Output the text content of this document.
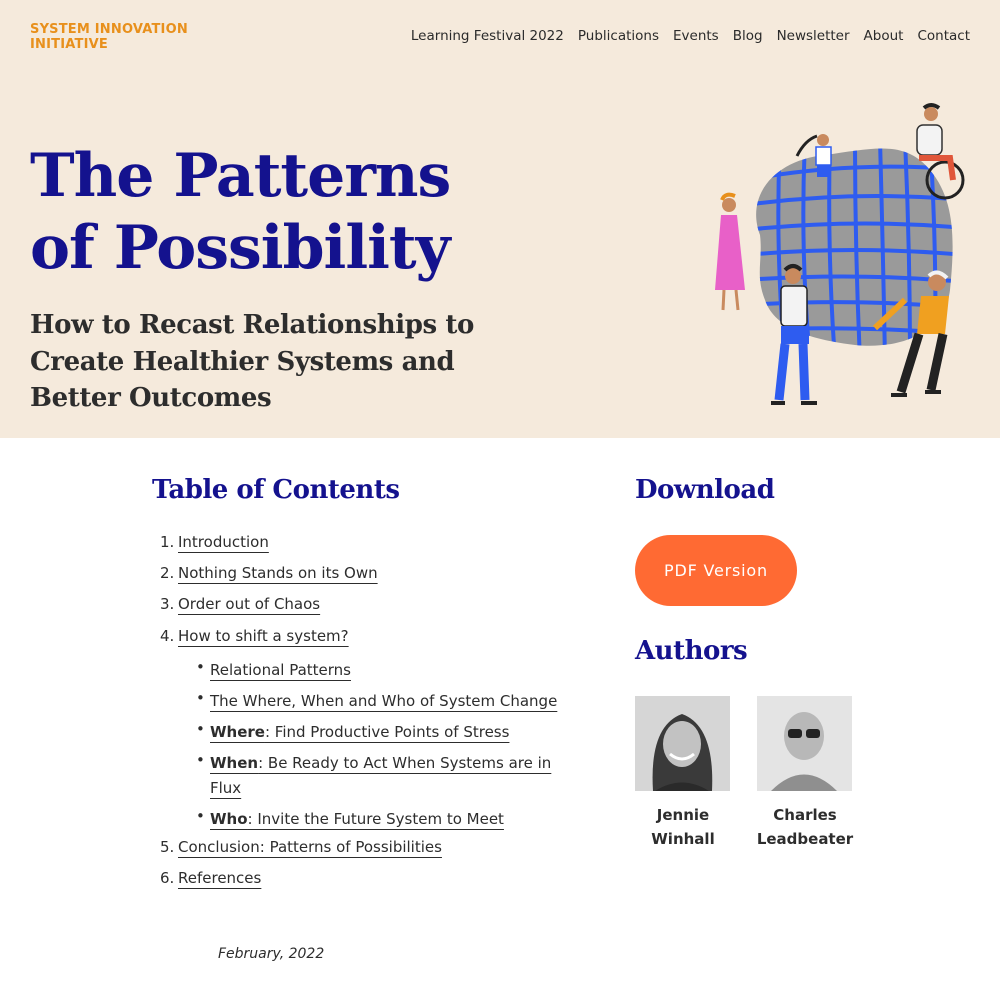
SYSTEM INNOVATION
INITIATIVE
Learning Festival 2022 Publications Events Blog Newsletter About Contact
The Patterns
of Possibility
How to Recast Relationships to
Create Healthier Systems and
Better Outcomes
Table of Contents
1. Introduction
2. Nothing Stands on its Own
3. Order out of Chaos
4. How to shift a system?
• Relational Patterns
• The Where, When and Who of System Change
• Where: Find Productive Points of Stress
• When: Be Ready to Act When Systems are in
Flux
• Who: Invite the Future System to Meet
5. Conclusion: Patterns of Possibilities
6. References
February, 2022
Download
PDF Version
Authors
Jennie
Winhall
Charles
Leadbeater
